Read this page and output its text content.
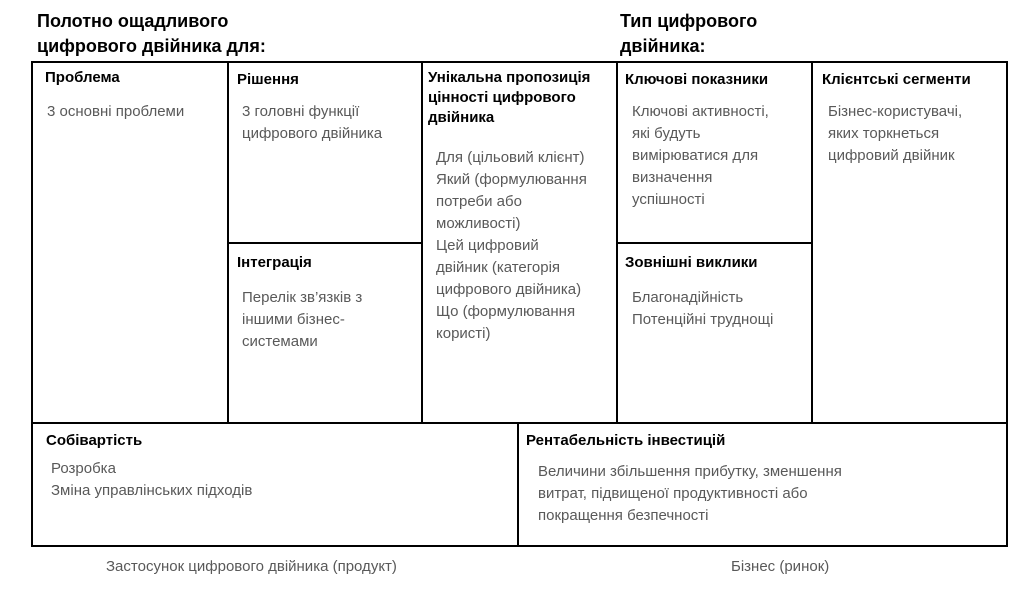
Полотно ощадливого
цифрового двійника для:
Тип цифрового
двійника:
Проблема
3 основні проблеми
Рішення
3 головні функції
цифрового двійника
Інтеграція
Перелік зв’язків з
іншими бізнес-
системами
Унікальна пропозиція
цінності цифрового
двійника
Для (цільовий клієнт)
Який (формулювання
потреби або
можливості)
Цей цифровий
двійник (категорія
цифрового двійника)
Що (формулювання
користі)
Ключові показники
Ключові активності,
які будуть
вимірюватися для
визначення
успішності
Зовнішні виклики
Благонадійність
Потенційні труднощі
Клієнтські сегменти
Бізнес-користувачі,
яких торкнеться
цифровий двійник
Собівартість
Розробка
Зміна управлінських підходів
Рентабельність інвестицій
Величини збільшення прибутку, зменшення
витрат, підвищеної продуктивності або
покращення безпечності
Застосунок цифрового двійника (продукт)	Бізнес (ринок)
